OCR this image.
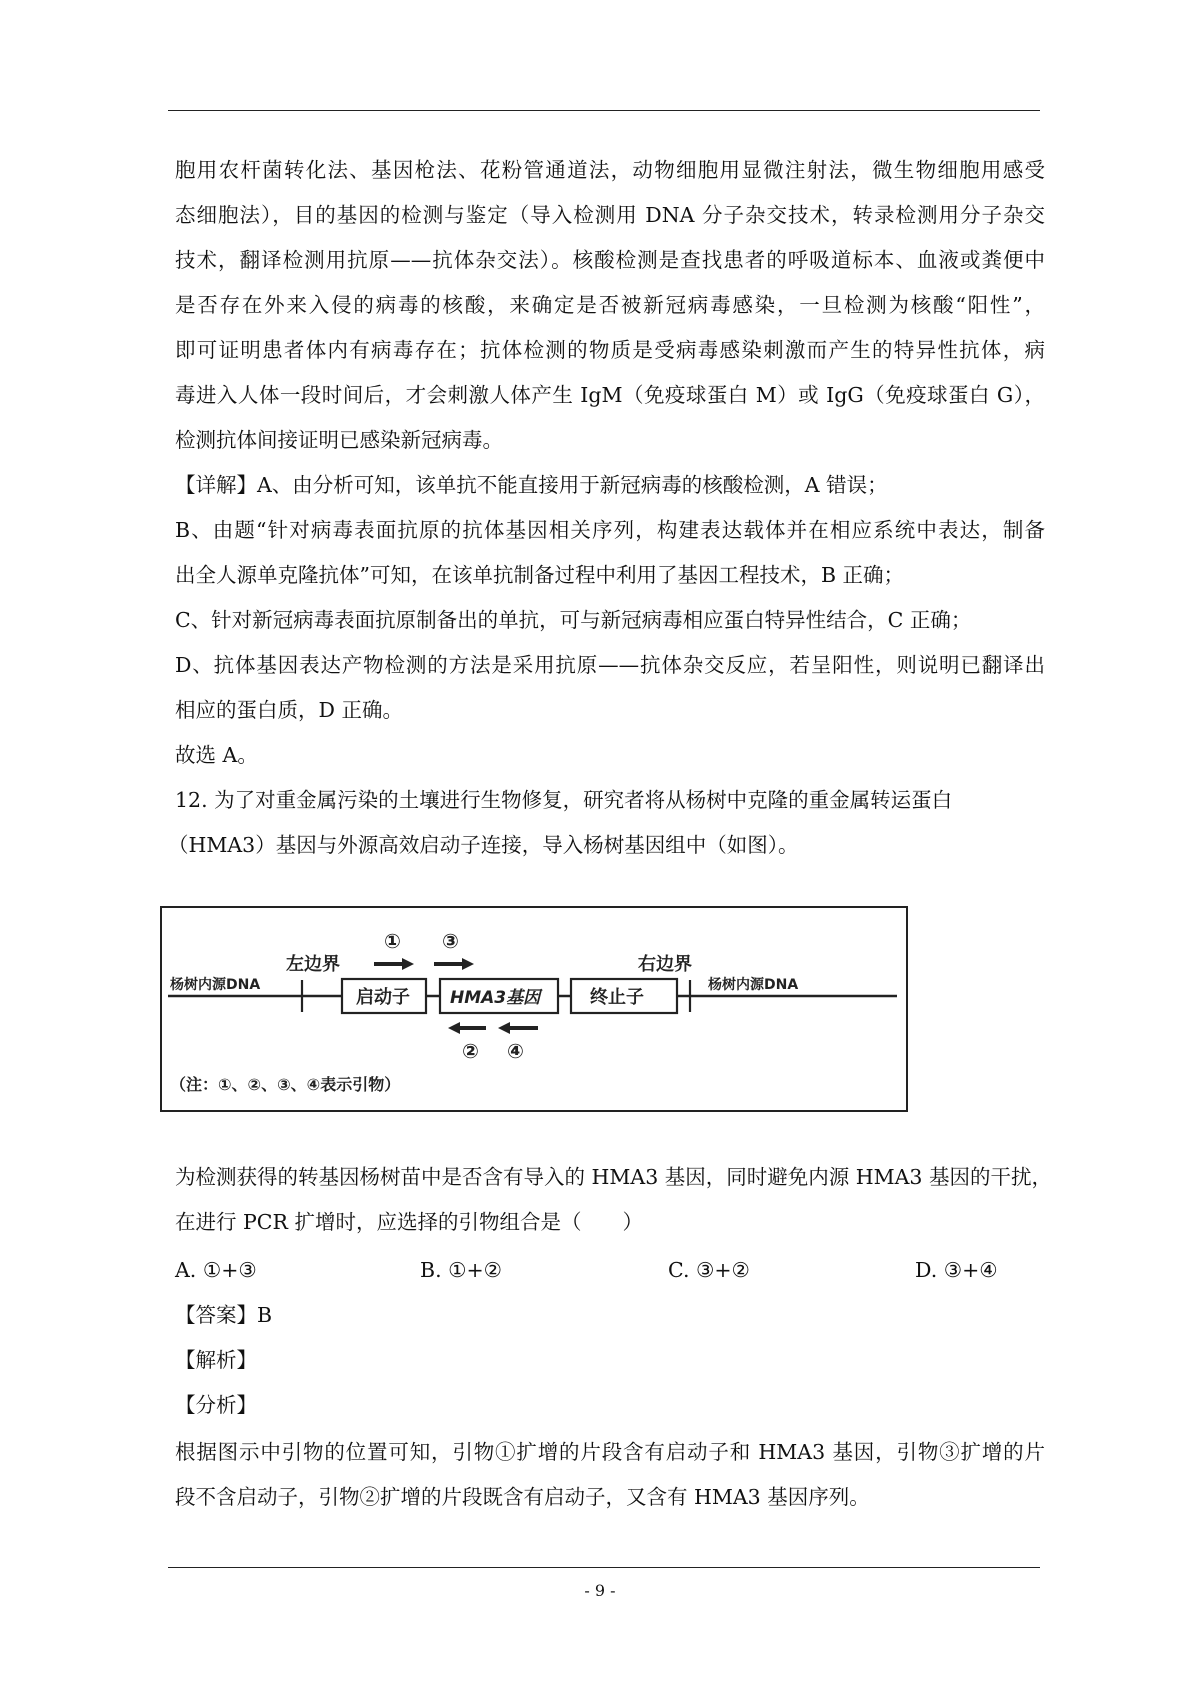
胞用农杆菌转化法、基因枪法、花粉管通道法，动物细胞用显微注射法，微生物细胞用感受
态细胞法），目的基因的检测与鉴定（导入检测用 DNA 分子杂交技术，转录检测用分子杂交
技术，翻译检测用抗原——抗体杂交法）。核酸检测是查找患者的呼吸道标本、血液或粪便中
是否存在外来入侵的病毒的核酸，来确定是否被新冠病毒感染，一旦检测为核酸“阳性”，
即可证明患者体内有病毒存在；抗体检测的物质是受病毒感染刺激而产生的特异性抗体，病
毒进入人体一段时间后，才会刺激人体产生 IgM（免疫球蛋白 M）或 IgG（免疫球蛋白 G），
检测抗体间接证明已感染新冠病毒。
【详解】A、由分析可知，该单抗不能直接用于新冠病毒的核酸检测，A 错误；
B、由题“针对病毒表面抗原的抗体基因相关序列，构建表达载体并在相应系统中表达，制备
出全人源单克隆抗体”可知，在该单抗制备过程中利用了基因工程技术，B 正确；
C、针对新冠病毒表面抗原制备出的单抗，可与新冠病毒相应蛋白特异性结合，C 正确；
D、抗体基因表达产物检测的方法是采用抗原——抗体杂交反应，若呈阳性，则说明已翻译出
相应的蛋白质，D 正确。
故选 A。
12. 为了对重金属污染的土壤进行生物修复，研究者将从杨树中克隆的重金属转运蛋白
（HMA3）基因与外源高效启动子连接，导入杨树基因组中（如图）。
杨树内源DNA	杨树内源DNA
左边界	右边界
启动子 HMA3基因	终止子
① ③
② ④
（注：①、②、③、④表示引物）
为检测获得的转基因杨树苗中是否含有导入的 HMA3 基因，同时避免内源 HMA3 基因的干扰，
在进行 PCR 扩增时，应选择的引物组合是（　　）
A. ①+③	B. ①+②	C. ③+②	D. ③+④
【答案】B
【解析】
【分析】
根据图示中引物的位置可知，引物①扩增的片段含有启动子和 HMA3 基因，引物③扩增的片
段不含启动子，引物②扩增的片段既含有启动子，又含有 HMA3 基因序列。
- 9 -
